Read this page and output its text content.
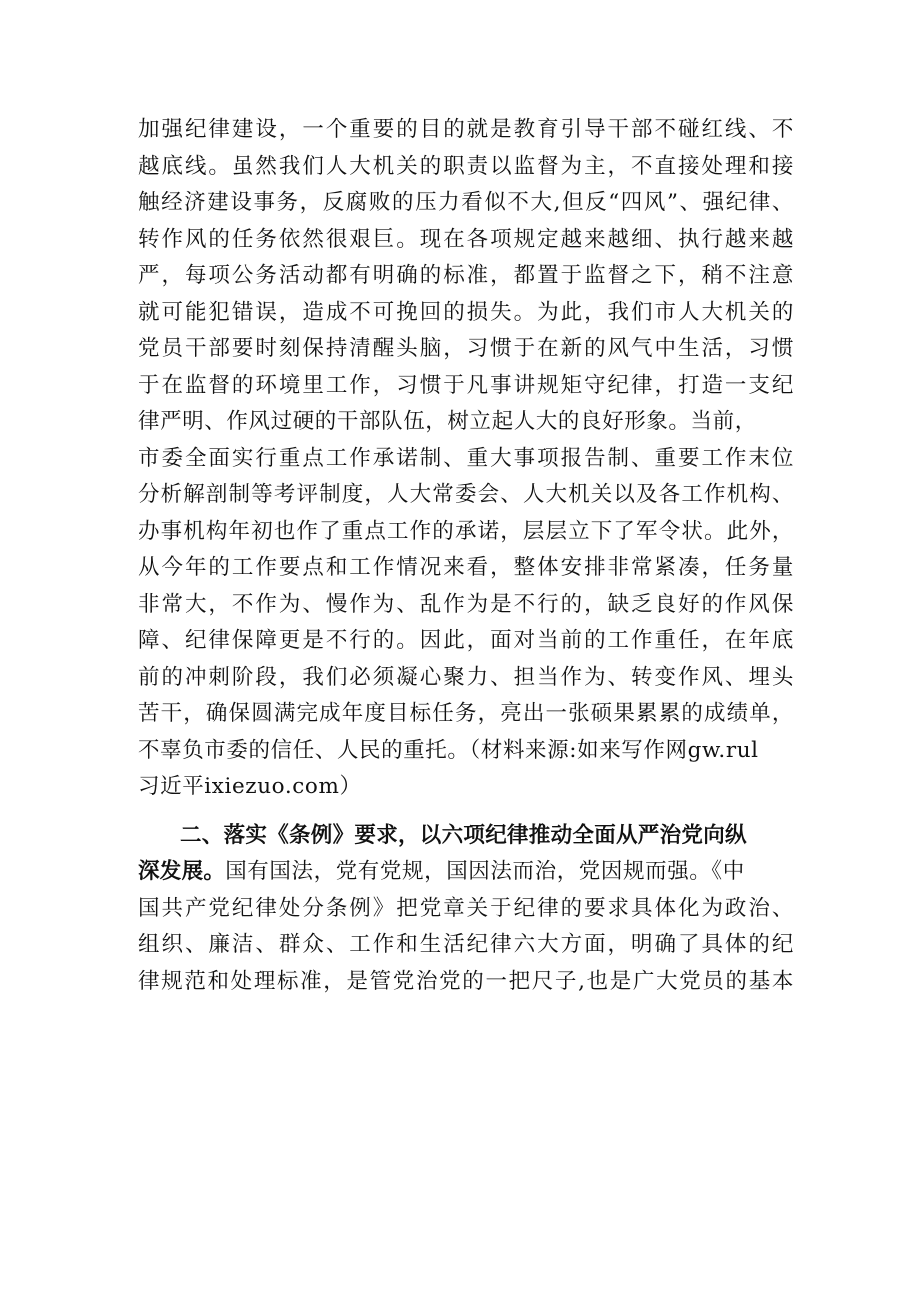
加强纪律建设，一个重要的目的就是教育引导干部不碰红线、不
越底线。虽然我们人大机关的职责以监督为主，不直接处理和接
触经济建设事务，反腐败的压力看似不大,但反“四风”、强纪律、
转作风的任务依然很艰巨。现在各项规定越来越细、执行越来越
严，每项公务活动都有明确的标准，都置于监督之下，稍不注意
就可能犯错误，造成不可挽回的损失。为此，我们市人大机关的
党员干部要时刻保持清醒头脑，习惯于在新的风气中生活，习惯
于在监督的环境里工作，习惯于凡事讲规矩守纪律，打造一支纪
律严明、作风过硬的干部队伍，树立起人大的良好形象。当前，
市委全面实行重点工作承诺制、重大事项报告制、重要工作末位
分析解剖制等考评制度，人大常委会、人大机关以及各工作机构、
办事机构年初也作了重点工作的承诺，层层立下了军令状。此外，
从今年的工作要点和工作情况来看，整体安排非常紧凑，任务量
非常大，不作为、慢作为、乱作为是不行的，缺乏良好的作风保
障、纪律保障更是不行的。因此，面对当前的工作重任，在年底
前的冲刺阶段，我们必须凝心聚力、担当作为、转变作风、埋头
苦干，确保圆满完成年度目标任务，亮出一张硕果累累的成绩单，
不辜负市委的信任、人民的重托。（材料来源:如来写作网gw.rul
习近平ixiezuo.com）
二、落实《条例》要求，以六项纪律推动全面从严治党向纵
深发展。国有国法，党有党规，国因法而治，党因规而强。《中
国共产党纪律处分条例》把党章关于纪律的要求具体化为政治、
组织、廉洁、群众、工作和生活纪律六大方面，明确了具体的纪
律规范和处理标准，是管党治党的一把尺子,也是广大党员的基本
